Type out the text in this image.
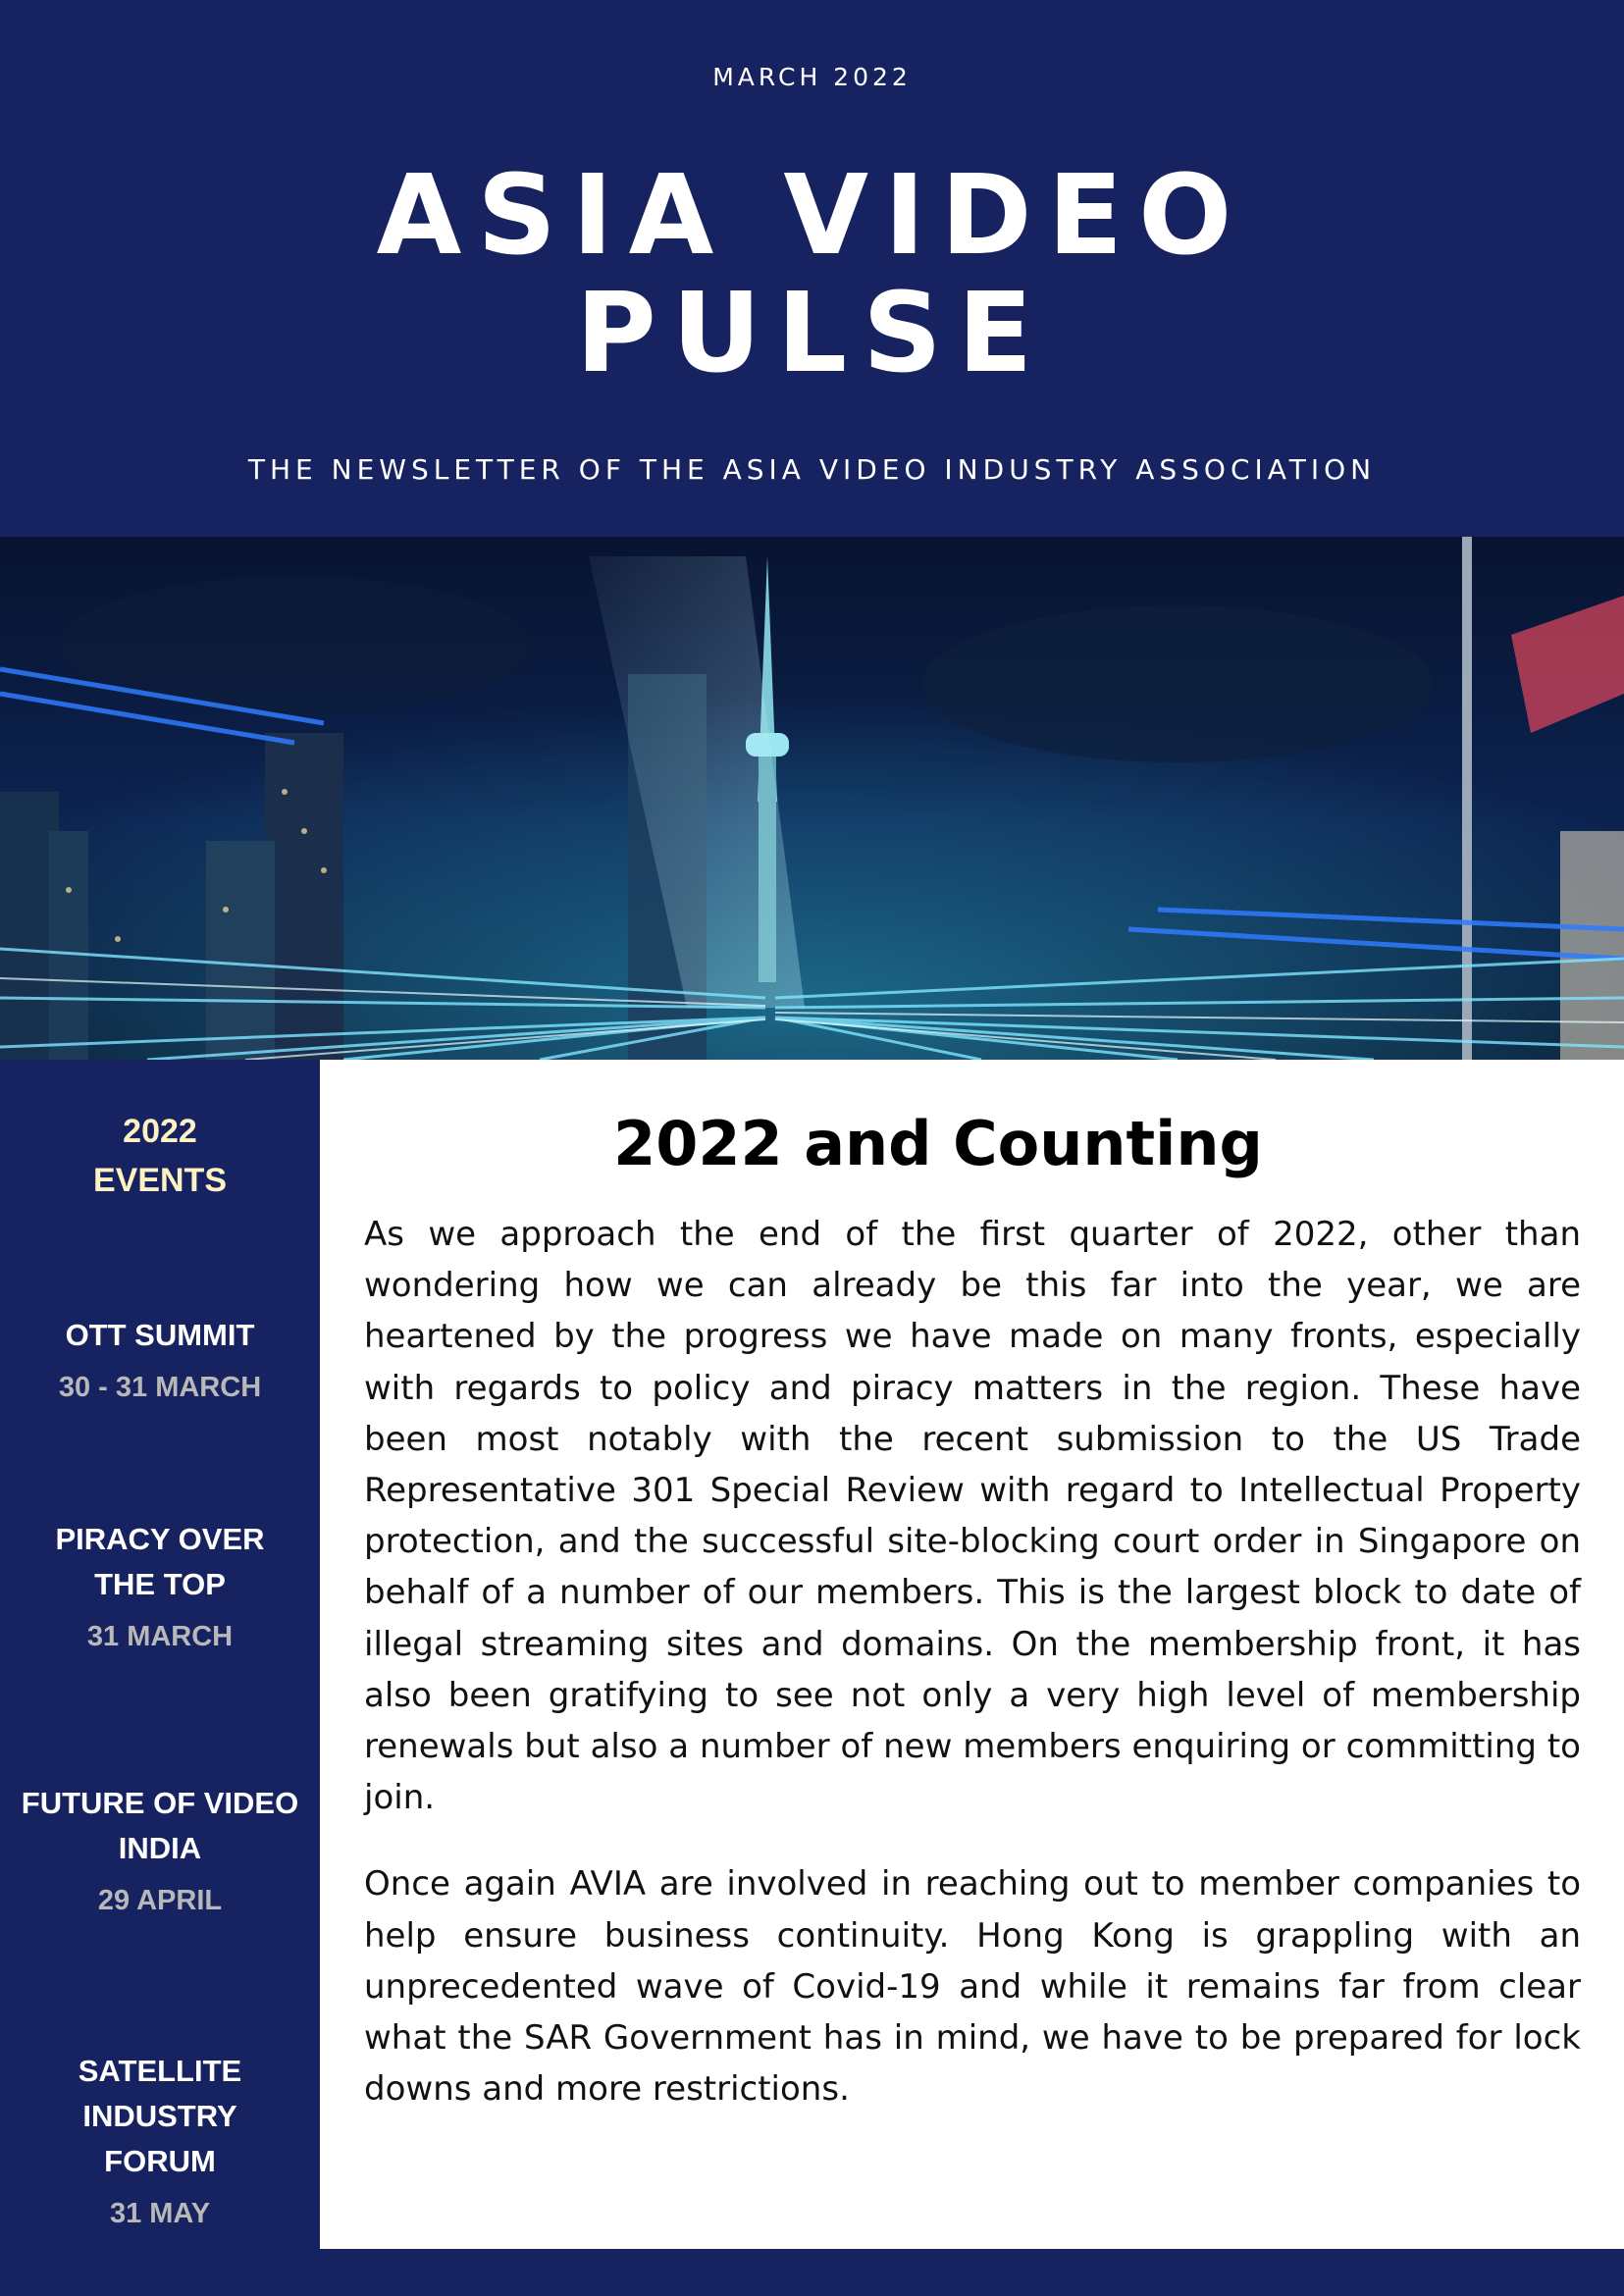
MARCH 2022
ASIA VIDEO
PULSE
THE NEWSLETTER OF THE ASIA VIDEO INDUSTRY ASSOCIATION
2022
EVENTS
OTT SUMMIT
30 - 31 MARCH
PIRACY OVER
THE TOP
31 MARCH
FUTURE OF VIDEO
INDIA
29 APRIL
SATELLITE
INDUSTRY
FORUM
31 MAY
2022 and Counting

As we approach the end of the first quarter of 2022, other than wondering how we can already be this far into the year, we are heartened by the progress we have made on many fronts, especially with regards to policy and piracy matters in the region. These have been most notably with the recent submission to the US Trade Representative 301 Special Review with regard to Intellectual Property protection, and the successful site-blocking court order in Singapore on behalf of a number of our members. This is the largest block to date of illegal streaming sites and domains. On the membership front, it has also been gratifying to see not only a very high level of membership renewals but also a number of new members enquiring or committing to join.

Once again AVIA are involved in reaching out to member companies to help ensure business continuity. Hong Kong is grappling with an unprecedented wave of Covid-19 and while it remains far from clear what the SAR Government has in mind, we have to be prepared for lock downs and more restrictions.
